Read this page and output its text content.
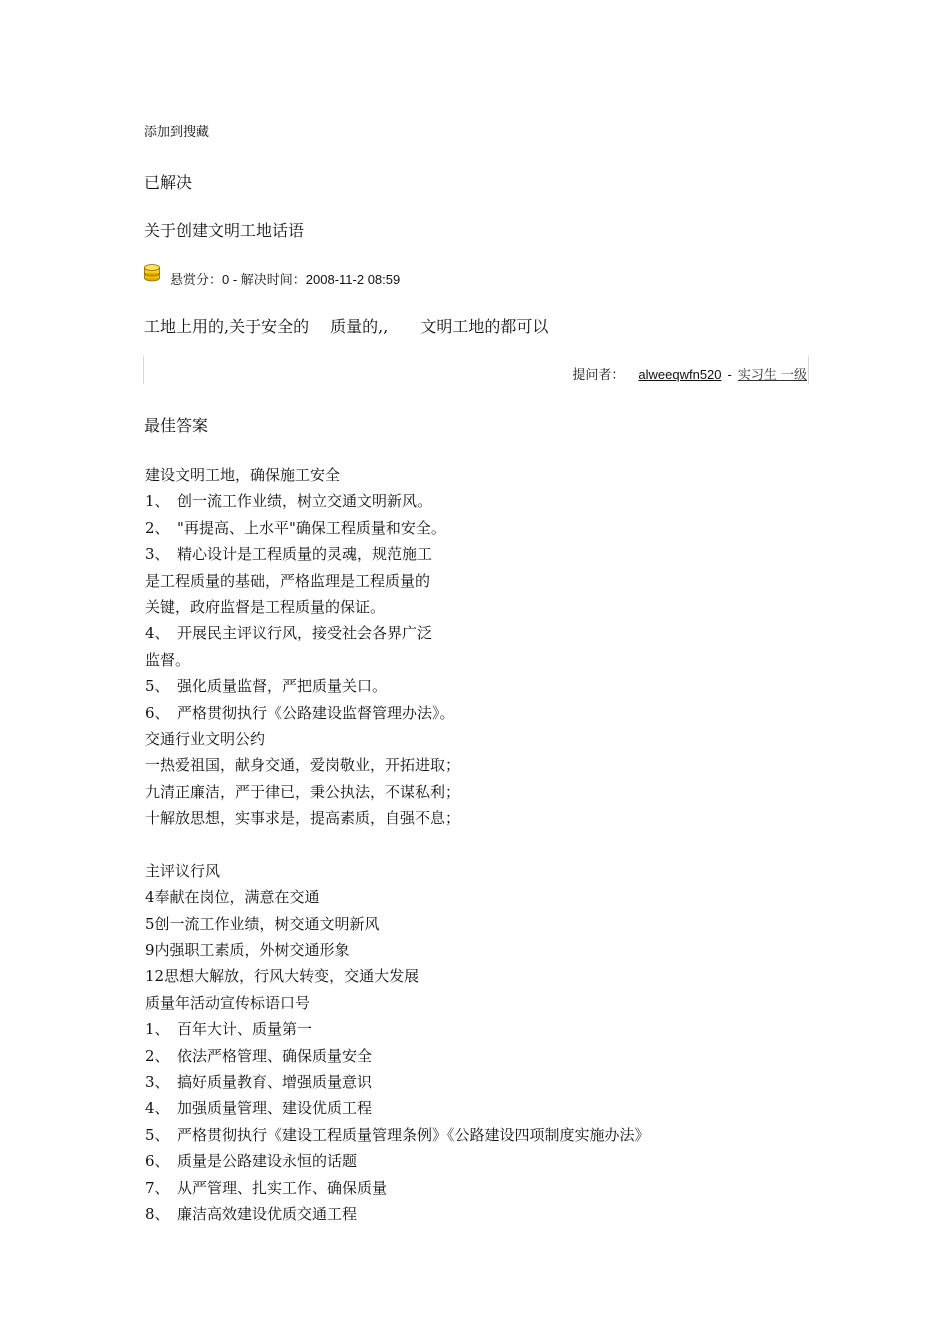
添加到搜藏
已解决
关于创建文明工地话语
悬赏分：0 - 解决时间：2008-11-2 08:59
工地上用的,关于安全的　 质量的,,　　文明工地的都可以
提问者： alweeqwfn520 - 实习生 一级
最佳答案
建设文明工地，确保施工安全
1、　创一流工作业绩，树立交通文明新风。
2、　"再提高、上水平"确保工程质量和安全。
3、　精心设计是工程质量的灵魂，规范施工
是工程质量的基础，严格监理是工程质量的
关键，政府监督是工程质量的保证。
4、　开展民主评议行风，接受社会各界广泛
监督。
5、　强化质量监督，严把质量关口。
6、　严格贯彻执行《公路建设监督管理办法》。
交通行业文明公约
一热爱祖国，献身交通，爱岗敬业，开拓进取；
九清正廉洁，严于律已，秉公执法，不谋私利；
十解放思想，实事求是，提高素质，自强不息；
主评议行风
4奉献在岗位，满意在交通
5创一流工作业绩，树交通文明新风
9内强职工素质，外树交通形象
12思想大解放，行风大转变，交通大发展
质量年活动宣传标语口号
1、　百年大计、质量第一
2、　依法严格管理、确保质量安全
3、　搞好质量教育、增强质量意识
4、　加强质量管理、建设优质工程
5、　严格贯彻执行《建设工程质量管理条例》《公路建设四项制度实施办法》
6、　质量是公路建设永恒的话题
7、　从严管理、扎实工作、确保质量
8、　廉洁高效建设优质交通工程
